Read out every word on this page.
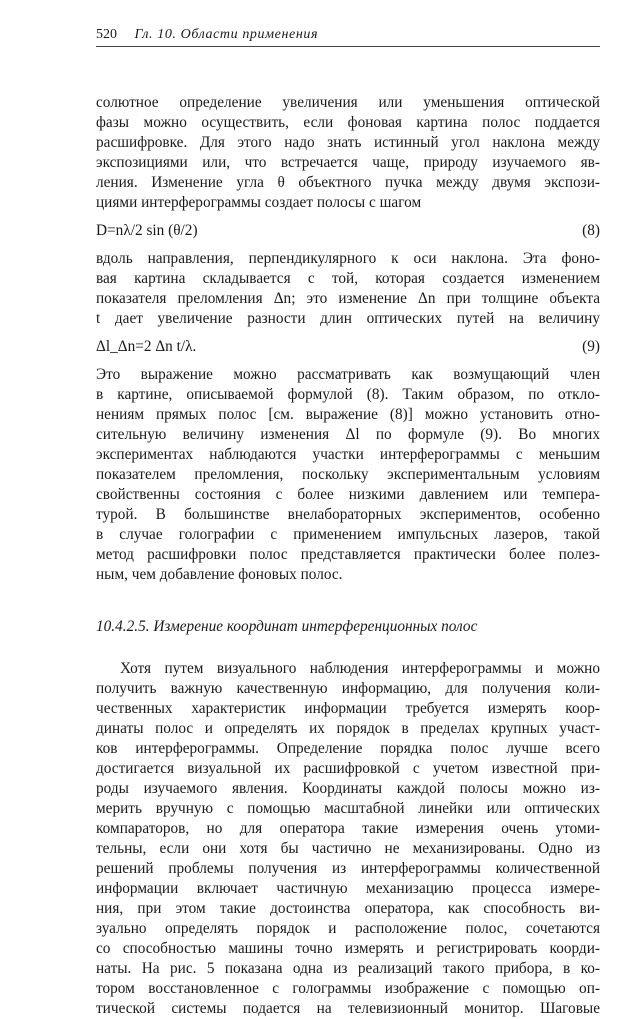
520 Гл. 10. Области применения

солютное определение увеличения или уменьшения оптической

фазы можно осуществить, если фоновая картина полос поддается

расшифровке. Для этого надо знать истинный угол наклона между

экспозициями или, что встречается чаще, природу изучаемого яв-

ления. Изменение угла θ объектного пучка между двумя экспози-

циями интерферограммы создает полосы с шагом

D=nλ/2 sin (θ/2)	(8)

вдоль направления, перпендикулярного к оси наклона. Эта фоно-

вая картина складывается с той, которая создается изменением

показателя преломления Δn; это изменение Δn при толщине объекта

t дает увеличение разности длин оптических путей на величину

Δl_Δn=2 Δn t/λ.	(9)

Это выражение можно рассматривать как возмущающий член

в картине, описываемой формулой (8). Таким образом, по откло-

нениям прямых полос [см. выражение (8)] можно установить отно-

сительную величину изменения Δl по формуле (9). Во многих

экспериментах наблюдаются участки интерферограммы с меньшим

показателем преломления, поскольку экспериментальным условиям

свойственны состояния с более низкими давлением или темпера-

турой. В большинстве внелабораторных экспериментов, особенно

в случае голографии с применением импульсных лазеров, такой

метод расшифровки полос представляется практически более полез-

ным, чем добавление фоновых полос.

10.4.2.5. Измерение координат интерференционных полос

Хотя путем визуального наблюдения интерферограммы и можно

получить важную качественную информацию, для получения коли-

чественных характеристик информации требуется измерять коор-

динаты полос и определять их порядок в пределах крупных участ-

ков интерферограммы. Определение порядка полос лучше всего

достигается визуальной их расшифровкой с учетом известной при-

роды изучаемого явления. Координаты каждой полосы можно из-

мерить вручную с помощью масштабной линейки или оптических

компараторов, но для оператора такие измерения очень утоми-

тельны, если они хотя бы частично не механизированы. Одно из

решений проблемы получения из интерферограммы количественной

информации включает частичную механизацию процесса измере-

ния, при этом такие достоинства оператора, как способность ви-

зуально определять порядок и расположение полос, сочетаются

со способностью машины точно измерять и регистрировать коорди-

наты. На рис. 5 показана одна из реализаций такого прибора, в ко-

тором восстановленное с голограммы изображение с помощью оп-

тической системы подается на телевизионный монитор. Шаговые
